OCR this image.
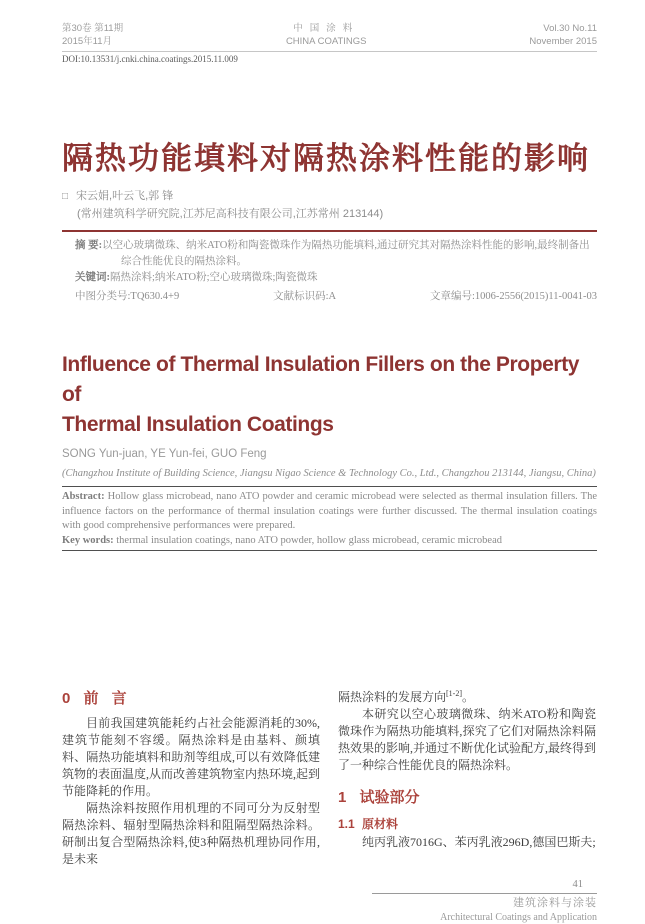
第30卷 第11期
2015年11月
中国涂料
CHINA COATINGS
Vol.30 No.11
November 2015
DOI:10.13531/j.cnki.china.coatings.2015.11.009
隔热功能填料对隔热涂料性能的影响
□ 宋云娟,叶云飞,郭 锋
(常州建筑科学研究院,江苏尼高科技有限公司,江苏常州 213144)
摘 要:以空心玻璃微珠、纳米ATO粉和陶瓷微珠作为隔热功能填料,通过研究其对隔热涂料性能的影响,最终制备出综合性能优良的隔热涂料。
关键词:隔热涂料;纳米ATO粉;空心玻璃微珠;陶瓷微珠
中图分类号:TQ630.4+9	文献标识码:A	文章编号:1006-2556(2015)11-0041-03
Influence of Thermal Insulation Fillers on the Property of
Thermal Insulation Coatings
SONG Yun-juan, YE Yun-fei, GUO Feng
(Changzhou Institute of Building Science, Jiangsu Nigao Science & Technology Co., Ltd., Changzhou 213144, Jiangsu, China)
Abstract: Hollow glass microbead, nano ATO powder and ceramic microbead were selected as thermal insulation fillers. The influence factors on the performance of thermal insulation coatings were further discussed. The thermal insulation coatings with good comprehensive performances were prepared.
Key words: thermal insulation coatings, nano ATO powder, hollow glass microbead, ceramic microbead
0 前 言

目前我国建筑能耗约占社会能源消耗的30%,建筑节能刻不容缓。隔热涂料是由基料、颜填料、隔热功能填料和助剂等组成,可以有效降低建筑物的表面温度,从而改善建筑物室内热环境,起到节能降耗的作用。

隔热涂料按照作用机理的不同可分为反射型隔热涂料、辐射型隔热涂料和阻隔型隔热涂料。研制出复合型隔热涂料,使3种隔热机理协同作用,是未来

隔热涂料的发展方向[1-2]。

本研究以空心玻璃微珠、纳米ATO粉和陶瓷微珠作为隔热功能填料,探究了它们对隔热涂料隔热效果的影响,并通过不断优化试验配方,最终得到了一种综合性能优良的隔热涂料。

1 试验部分
1.1 原材料

纯丙乳液7016G、苯丙乳液296D,德国巴斯夫;

41
建筑涂料与涂装
Architectural Coatings and Application
